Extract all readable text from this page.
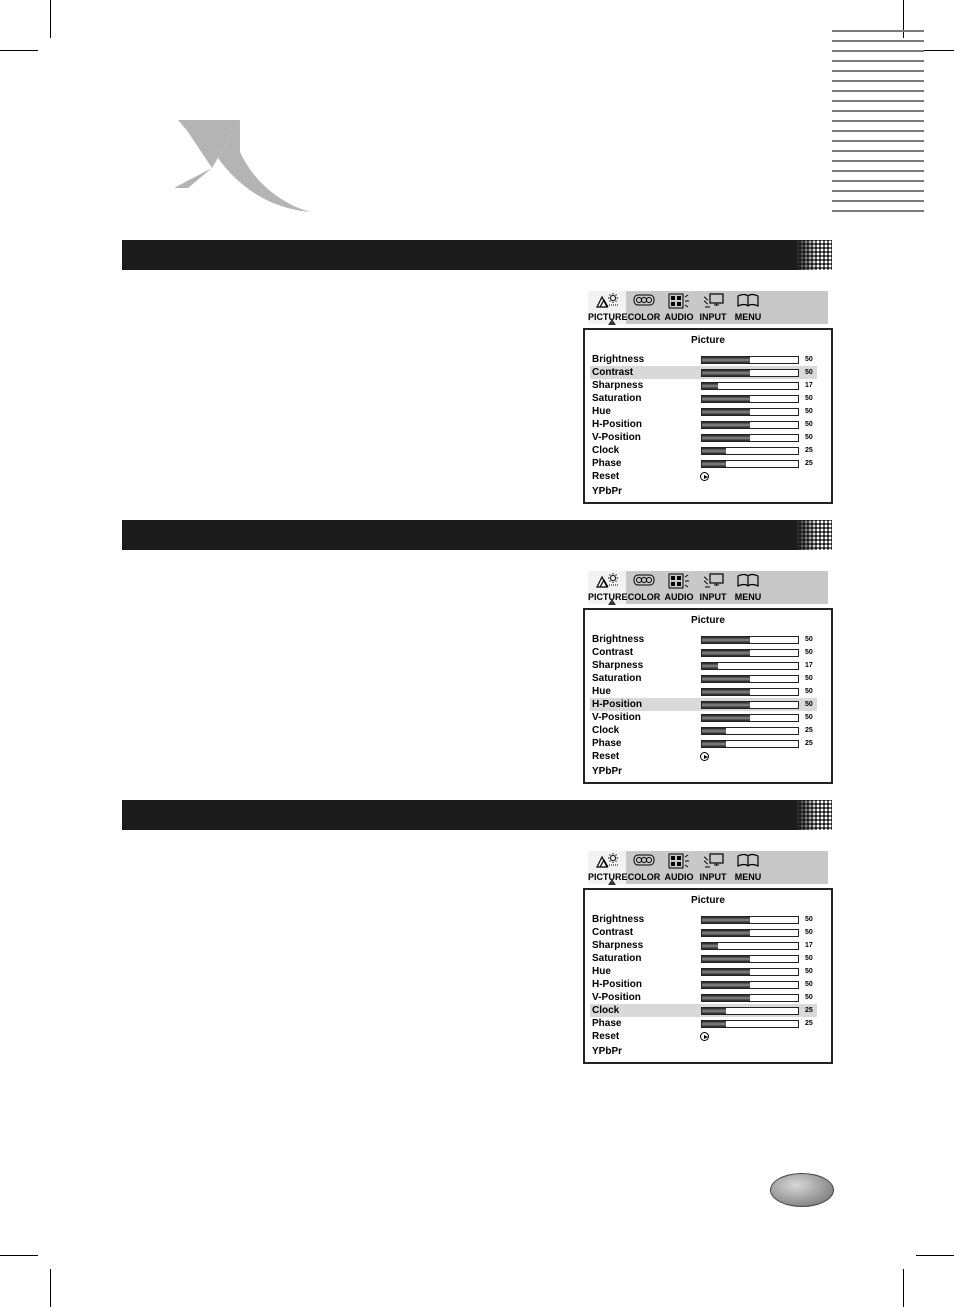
PICTURE COLOR AUDIO INPUT MENU
Picture
Brightness	50
Contrast	50
Sharpness	17
Saturation	50
Hue	50
H-Position	50
V-Position	50
Clock	25
Phase	25
Reset
YPbPr
PICTURE COLOR AUDIO INPUT MENU
Picture
Brightness	50
Contrast	50
Sharpness	17
Saturation	50
Hue	50
H-Position	50
V-Position	50
Clock	25
Phase	25
Reset
YPbPr
PICTURE COLOR AUDIO INPUT MENU
Picture
Brightness	50
Contrast	50
Sharpness	17
Saturation	50
Hue	50
H-Position	50
V-Position	50
Clock	25
Phase	25
Reset
YPbPr
